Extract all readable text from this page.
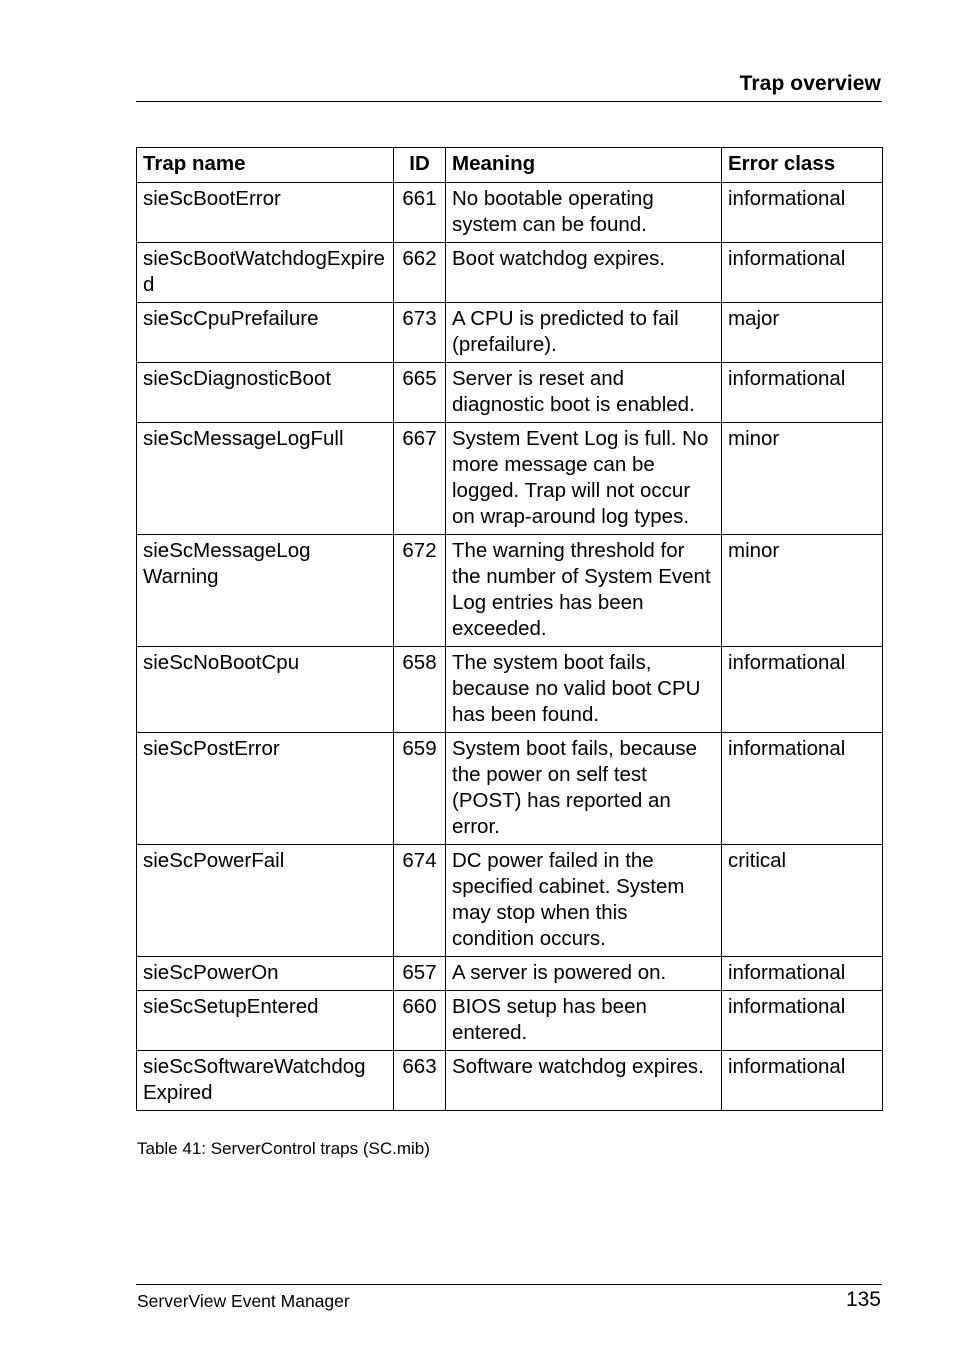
Trap overview
Trap name	ID	Meaning	Error class
sieScBootError	661	No bootable operating system can be found.	informational
sieScBootWatchdogExpired	662	Boot watchdog expires.	informational
sieScCpuPrefailure	673	A CPU is predicted to fail (prefailure).	major
sieScDiagnosticBoot	665	Server is reset and diagnostic boot is enabled.	informational
sieScMessageLogFull	667	System Event Log is full. No more message can be logged. Trap will not occur on wrap-around log types.	minor
sieScMessageLog Warning	672	The warning threshold for the number of System Event Log entries has been exceeded.	minor
sieScNoBootCpu	658	The system boot fails, because no valid boot CPU has been found.	informational
sieScPostError	659	System boot fails, because the power on self test (POST) has reported an error.	informational
sieScPowerFail	674	DC power failed in the specified cabinet. System may stop when this condition occurs.	critical
sieScPowerOn	657	A server is powered on.	informational
sieScSetupEntered	660	BIOS setup has been entered.	informational
sieScSoftwareWatchdog Expired	663	Software watchdog expires.	informational
Table 41: ServerControl traps (SC.mib)
ServerView Event Manager	135
